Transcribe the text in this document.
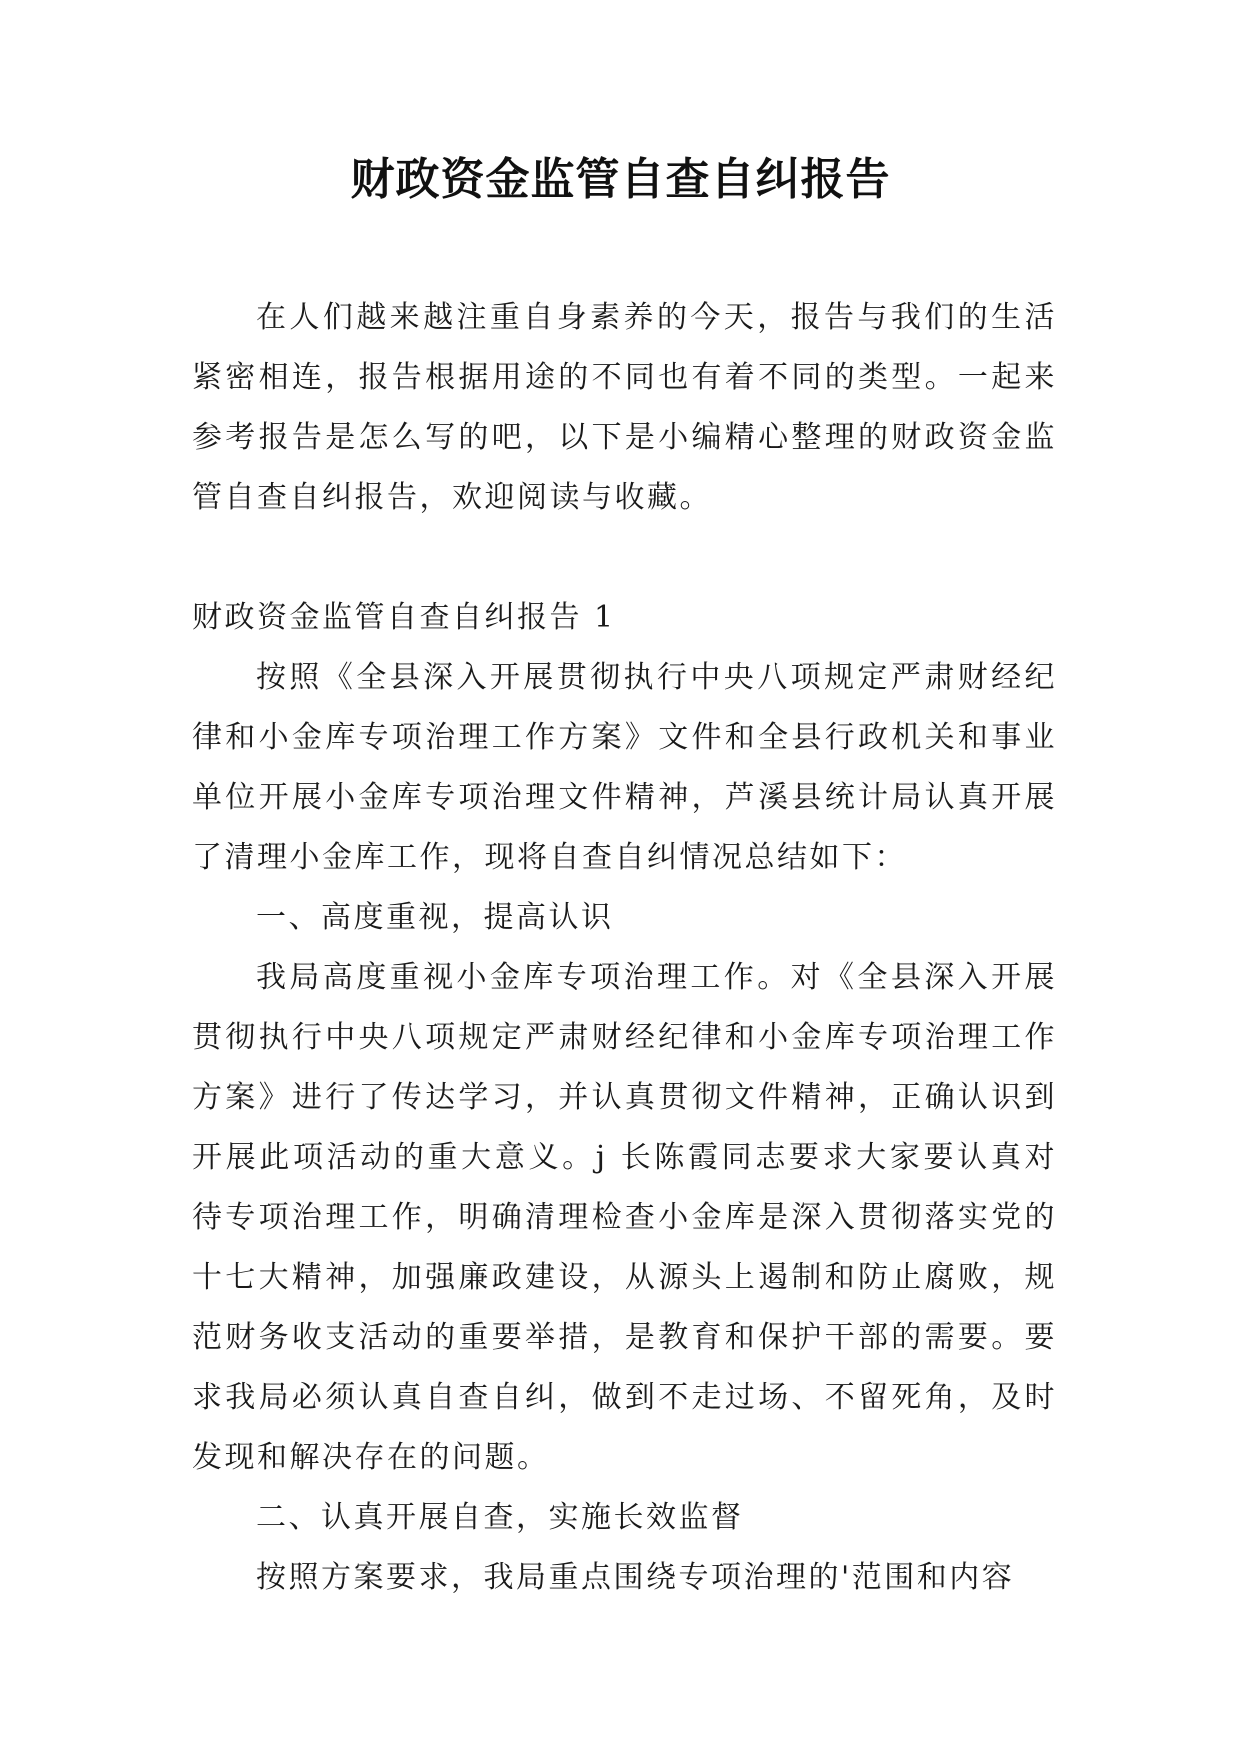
财政资金监管自查自纠报告

在人们越来越注重自身素养的今天，报告与我们的生活紧密相连，报告根据用途的不同也有着不同的类型。一起来参考报告是怎么写的吧，以下是小编精心整理的财政资金监管自查自纠报告，欢迎阅读与收藏。

财政资金监管自查自纠报告 1

按照《全县深入开展贯彻执行中央八项规定严肃财经纪律和小金库专项治理工作方案》文件和全县行政机关和事业单位开展小金库专项治理文件精神，芦溪县统计局认真开展了清理小金库工作，现将自查自纠情况总结如下：

一、高度重视，提高认识

我局高度重视小金库专项治理工作。对《全县深入开展贯彻执行中央八项规定严肃财经纪律和小金库专项治理工作方案》进行了传达学习，并认真贯彻文件精神，正确认识到开展此项活动的重大意义。j 长陈霞同志要求大家要认真对待专项治理工作，明确清理检查小金库是深入贯彻落实党的十七大精神，加强廉政建设，从源头上遏制和防止腐败，规范财务收支活动的重要举措，是教育和保护干部的需要。要求我局必须认真自查自纠，做到不走过场、不留死角，及时发现和解决存在的问题。

二、认真开展自查，实施长效监督

按照方案要求，我局重点围绕专项治理的'范围和内容
